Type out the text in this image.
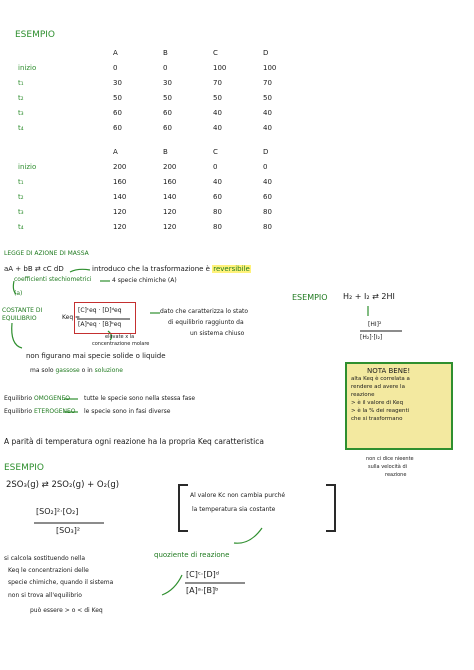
ESEMPIO
	A	B	C	D
inizio	0	0	100	100
t₁	30	30	70	70
t₂	50	50	50	50
t₃	60	60	40	40
t₄	60	60	40	40
	A	B	C	D
inizio	200	200	0	0
t₁	160	160	40	40
t₂	140	140	60	60
t₃	120	120	80	80
t₄	120	120	80	80
LEGGE DI AZIONE DI MASSA
aA + bB ⇄ cC dD	introduco che la trasformazione è reversibile
coefficienti stechiometrici	4 specie chimiche (A)
(a)
COSTANTE DI EQUILIBRIO	Keq =
[C]ᶜeq · [D]ᵈeq
[A]ᵃeq · [B]ᵇeq
dato che caratterizza lo stato
di equilibrio raggiunto da
un sistema chiuso
elevate x la
concentrazione molare
non figurano mai specie solide o liquide
ma solo gassose o in soluzione
ESEMPIO H₂ + I₂ ⇄ 2HI
[HI]²
[H₂]·[I₂]
Equilibrio OMOGENEO tutte le specie sono nella stessa fase
Equilibrio ETEROGENEO le specie sono in fasi diverse
A parità di temperatura ogni reazione ha la propria Keq caratteristica
NOTA BENE!
alta Keq è correlata a
rendere ad avere la
reazione
> è il valore di Keq
> è la % dei reagenti
che si trasformano
non ci dice nieente
sulla velocità di
reazione
ESEMPIO
2SO₃(g) ⇄ 2SO₂(g) + O₂(g)
[SO₂]²·[O₂]
[SO₃]²
Al valore Kc non cambia purché
la temperatura sia costante
si calcola sostituendo nella
Keq le concentrazioni delle
specie chimiche, quando il sistema
non si trova all'equilibrio
può essere > o < di Keq
quoziente di reazione
[C]ᶜ·[D]ᵈ
[A]ᵃ·[B]ᵇ
